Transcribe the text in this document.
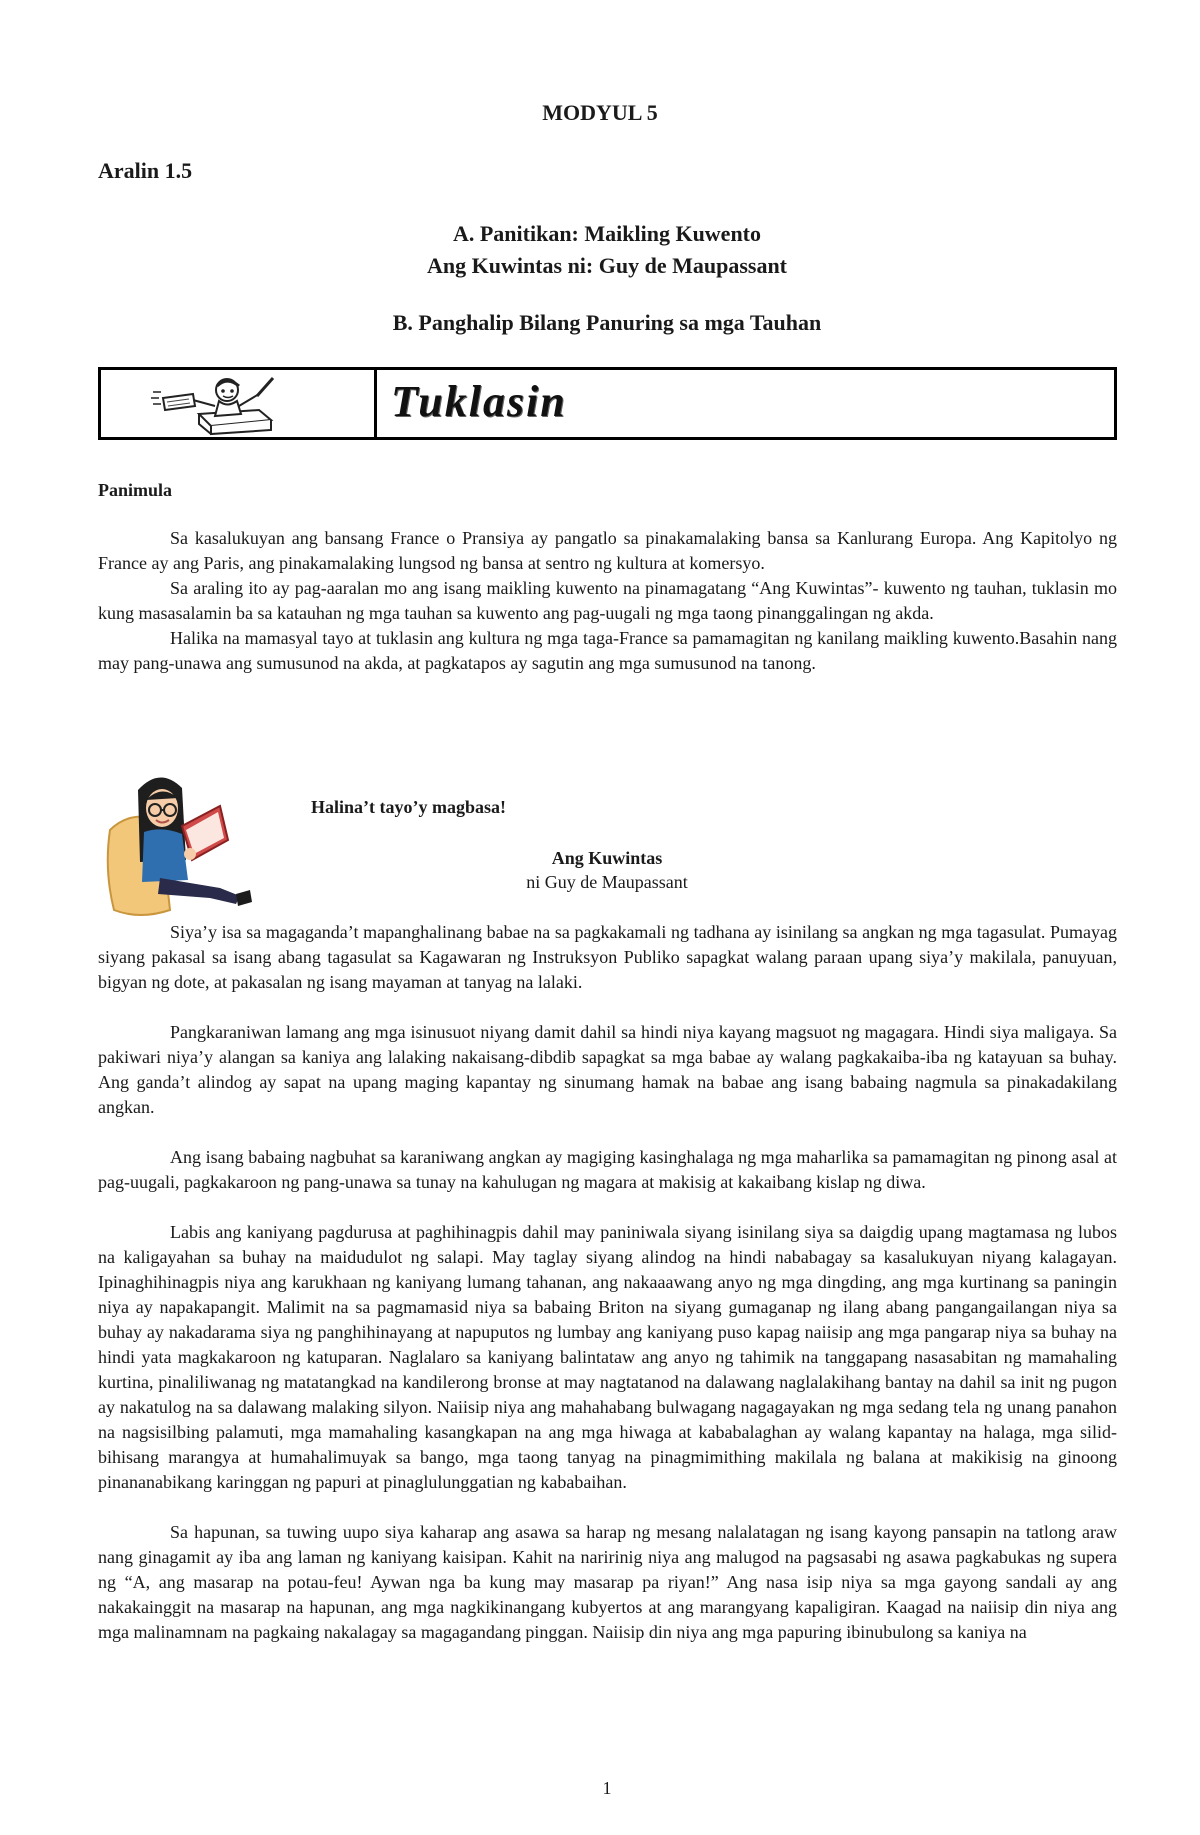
MODYUL 5
Aralin 1.5
A. Panitikan: Maikling Kuwento
Ang Kuwintas ni: Guy de Maupassant
B. Panghalip Bilang Panuring sa mga Tauhan
Tuklasin
Panimula

Sa kasalukuyan ang bansang France o Pransiya ay pangatlo sa pinakamalaking bansa sa Kanlurang Europa. Ang Kapitolyo ng France ay ang Paris, ang pinakamalaking lungsod ng bansa at sentro ng kultura at komersyo.

Sa araling ito ay pag-aaralan mo ang isang maikling kuwento na pinamagatang “Ang Kuwintas”- kuwento ng tauhan, tuklasin mo kung masasalamin ba sa katauhan ng mga tauhan sa kuwento ang pag-uugali ng mga taong pinanggalingan ng akda.

Halika na mamasyal tayo at tuklasin ang kultura ng mga taga-France sa pamamagitan ng kanilang maikling kuwento.Basahin nang may pang-unawa ang sumusunod na akda, at pagkatapos ay sagutin ang mga sumusunod na tanong.

Halina’t tayo’y magbasa!
Ang Kuwintas
ni Guy de Maupassant

Siya’y isa sa magaganda’t mapanghalinang babae na sa pagkakamali ng tadhana ay isinilang sa angkan ng mga tagasulat. Pumayag siyang pakasal sa isang abang tagasulat sa Kagawaran ng Instruksyon Publiko sapagkat walang paraan upang siya’y makilala, panuyuan, bigyan ng dote, at pakasalan ng isang mayaman at tanyag na lalaki.

Pangkaraniwan lamang ang mga isinusuot niyang damit dahil sa hindi niya kayang magsuot ng magagara. Hindi siya maligaya. Sa pakiwari niya’y alangan sa kaniya ang lalaking nakaisang-dibdib sapagkat sa mga babae ay walang pagkakaiba-iba ng katayuan sa buhay. Ang ganda’t alindog ay sapat na upang maging kapantay ng sinumang hamak na babae ang isang babaing nagmula sa pinakadakilang angkan.

Ang isang babaing nagbuhat sa karaniwang angkan ay magiging kasinghalaga ng mga maharlika sa pamamagitan ng pinong asal at pag-uugali, pagkakaroon ng pang-unawa sa tunay na kahulugan ng magara at makisig at kakaibang kislap ng diwa.

Labis ang kaniyang pagdurusa at paghihinagpis dahil may paniniwala siyang isinilang siya sa daigdig upang magtamasa ng lubos na kaligayahan sa buhay na maidudulot ng salapi. May taglay siyang alindog na hindi nababagay sa kasalukuyan niyang kalagayan. Ipinaghihinagpis niya ang karukhaan ng kaniyang lumang tahanan, ang nakaaawang anyo ng mga dingding, ang mga kurtinang sa paningin niya ay napakapangit. Malimit na sa pagmamasid niya sa babaing Briton na siyang gumaganap ng ilang abang pangangailangan niya sa buhay ay nakadarama siya ng panghihinayang at napuputos ng lumbay ang kaniyang puso kapag naiisip ang mga pangarap niya sa buhay na hindi yata magkakaroon ng katuparan. Naglalaro sa kaniyang balintataw ang anyo ng tahimik na tanggapang nasasabitan ng mamahaling kurtina, pinaliliwanag ng matatangkad na kandilerong bronse at may nagtatanod na dalawang naglalakihang bantay na dahil sa init ng pugon ay nakatulog na sa dalawang malaking silyon. Naiisip niya ang mahahabang bulwagang nagagayakan ng mga sedang tela ng unang panahon na nagsisilbing palamuti, mga mamahaling kasangkapan na ang mga hiwaga at kababalaghan ay walang kapantay na halaga, mga silid-bihisang marangya at humahalimuyak sa bango, mga taong tanyag na pinagmimithing makilala ng balana at makikisig na ginoong pinananabikang karinggan ng papuri at pinaglulunggatian ng kababaihan.

Sa hapunan, sa tuwing uupo siya kaharap ang asawa sa harap ng mesang nalalatagan ng isang kayong pansapin na tatlong araw nang ginagamit ay iba ang laman ng kaniyang kaisipan. Kahit na naririnig niya ang malugod na pagsasabi ng asawa pagkabukas ng supera ng “A, ang masarap na potau-feu! Aywan nga ba kung may masarap pa riyan!” Ang nasa isip niya sa mga gayong sandali ay ang nakakainggit na masarap na hapunan, ang mga nagkikinangang kubyertos at ang marangyang kapaligiran. Kaagad na naiisip din niya ang mga malinamnam na pagkaing nakalagay sa magagandang pinggan. Naiisip din niya ang mga papuring ibinubulong sa kaniya na

1
